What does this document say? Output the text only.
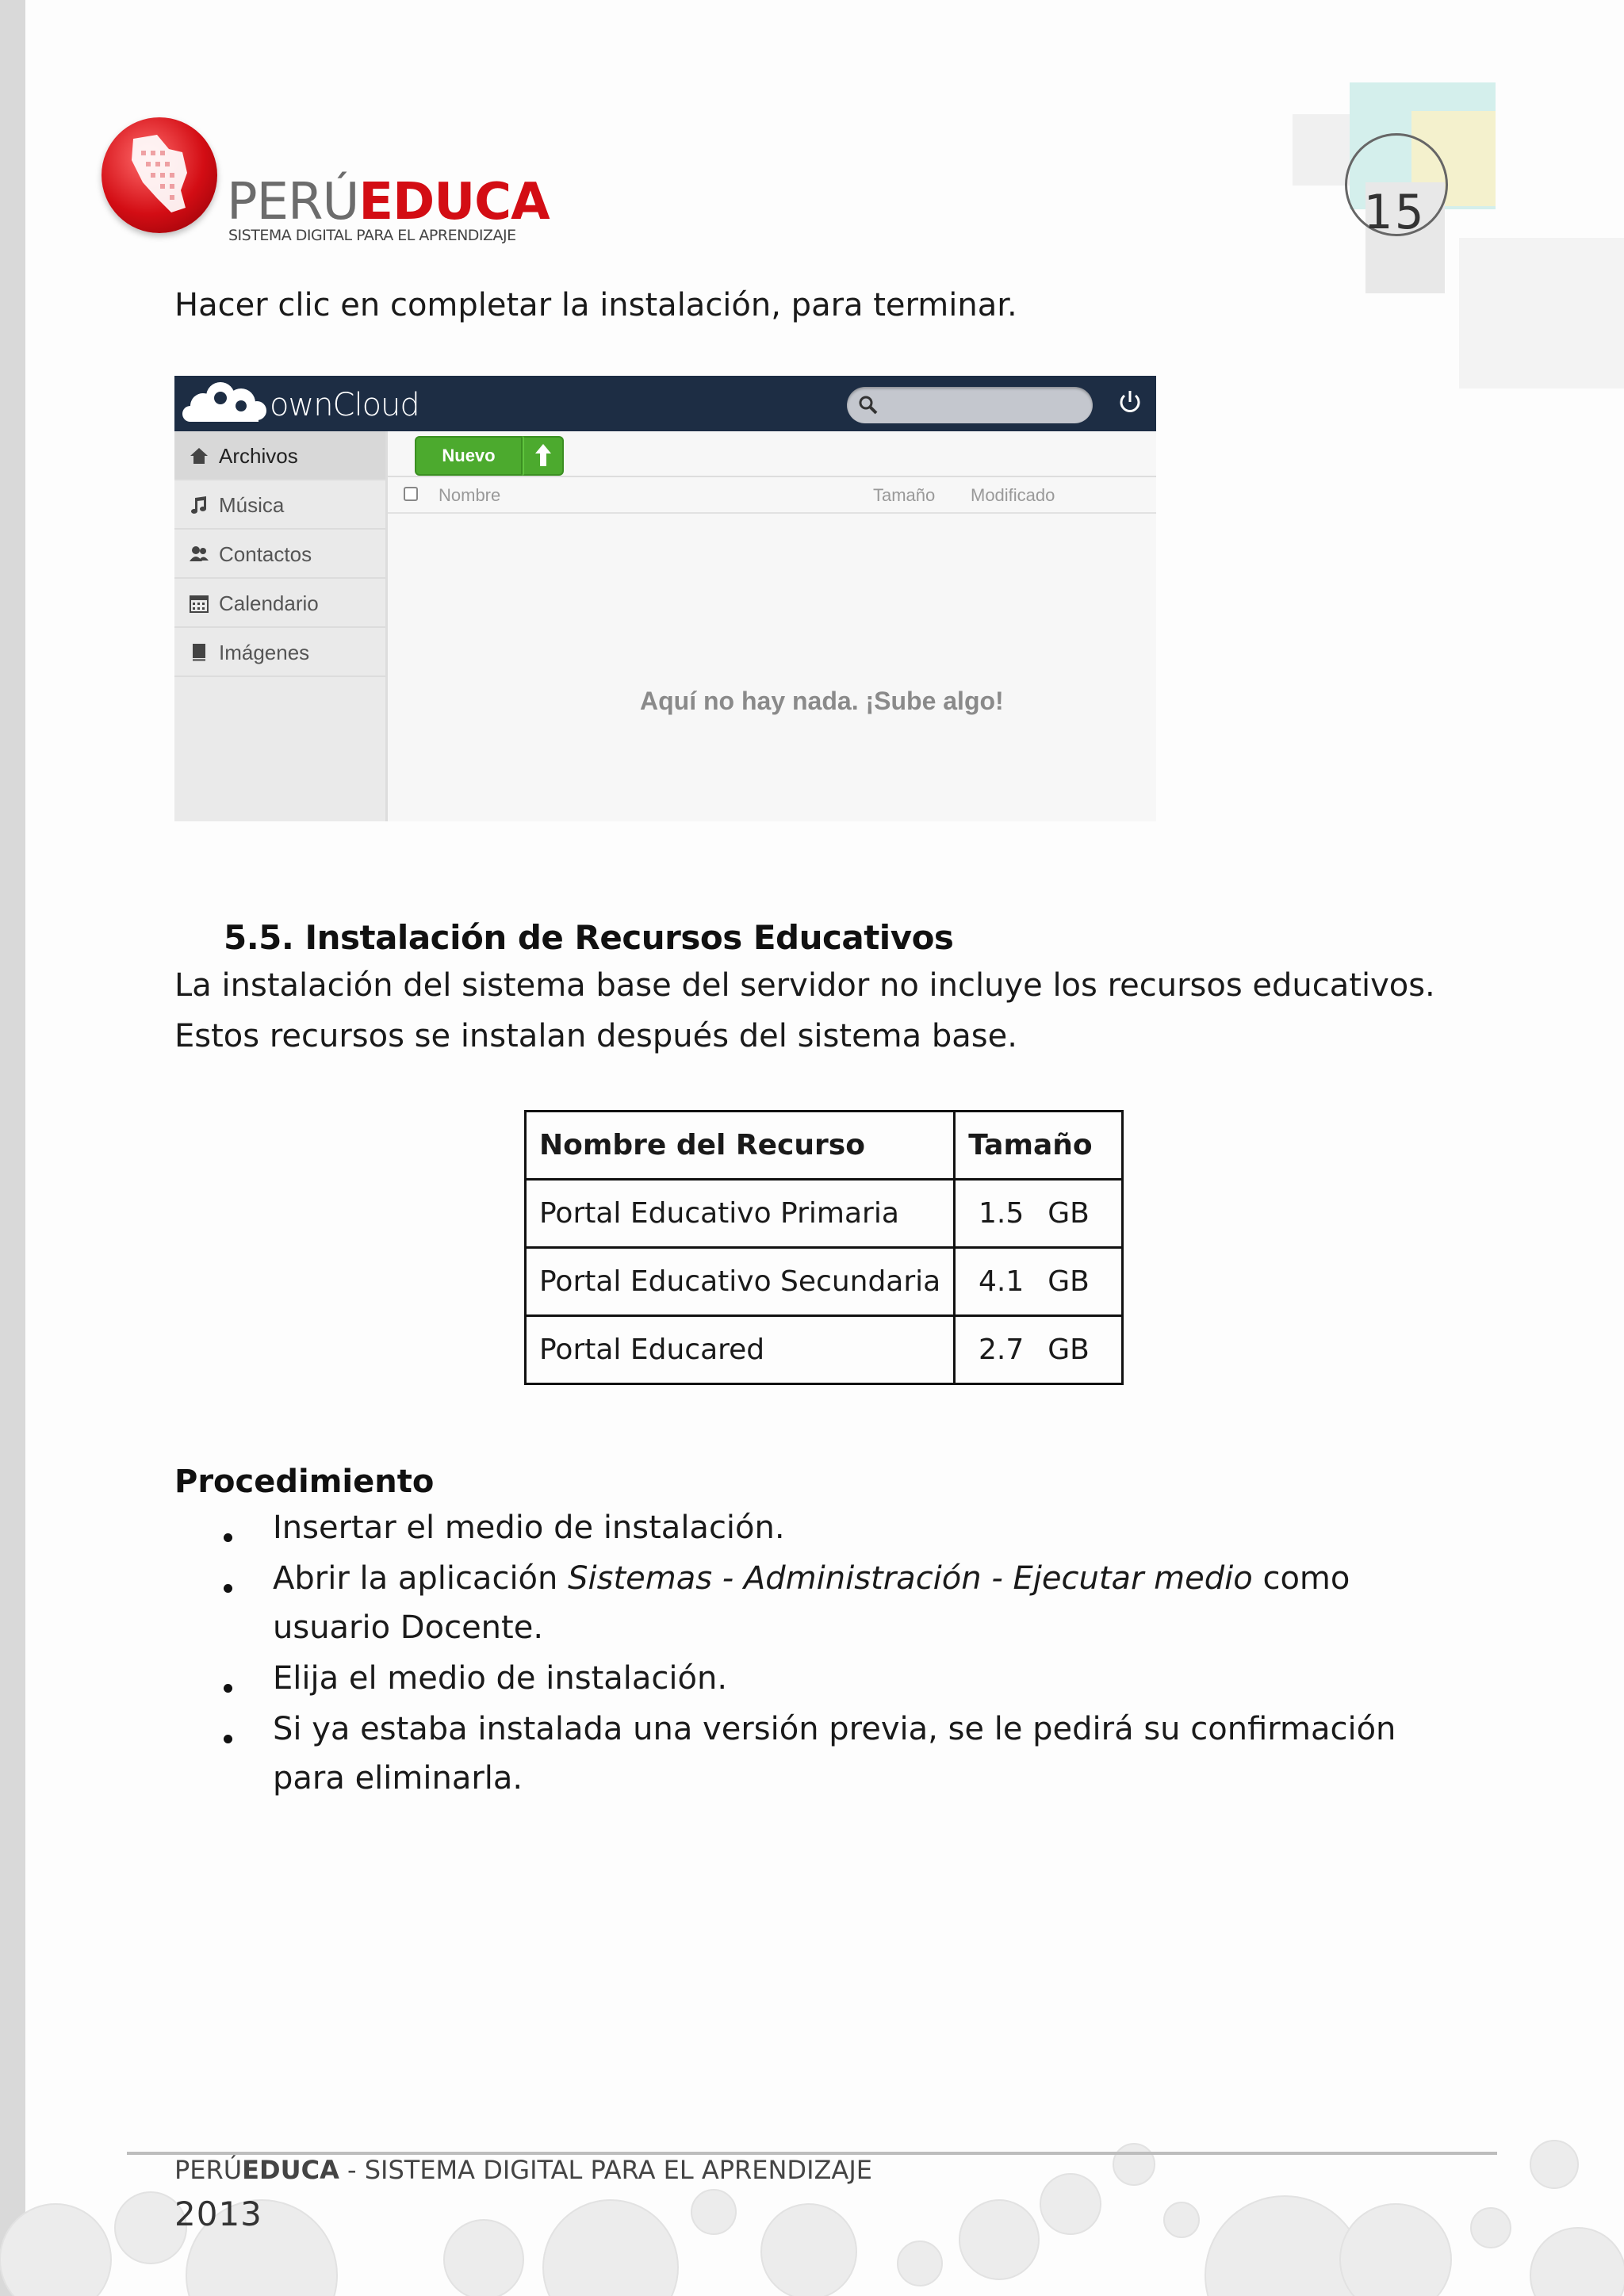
PERÚEDUCA
SISTEMA DIGITAL PARA EL APRENDIZAJE	15
Hacer clic en completar la instalación, para terminar.
ownCloud
Archivos
Música
Contactos
Calendario
Imágenes
Nuevo
Nombre	Tamaño Modificado
Aquí no hay nada. ¡Sube algo!
5.5. Instalación de Recursos Educativos
La instalación del sistema base del servidor no incluye los recursos educativos.
Estos recursos se instalan después del sistema base.
Nombre del Recurso	Tamaño
Portal Educativo Primaria	1.5 GB
Portal Educativo Secundaria	4.1 GB
Portal Educared	2.7 GB
Procedimiento
Insertar el medio de instalación.
Abrir la aplicación Sistemas - Administración - Ejecutar medio como
usuario Docente.
Elija el medio de instalación.
Si ya estaba instalada una versión previa, se le pedirá su confirmación
para eliminarla.
PERÚEDUCA - SISTEMA DIGITAL PARA EL APRENDIZAJE
2013
